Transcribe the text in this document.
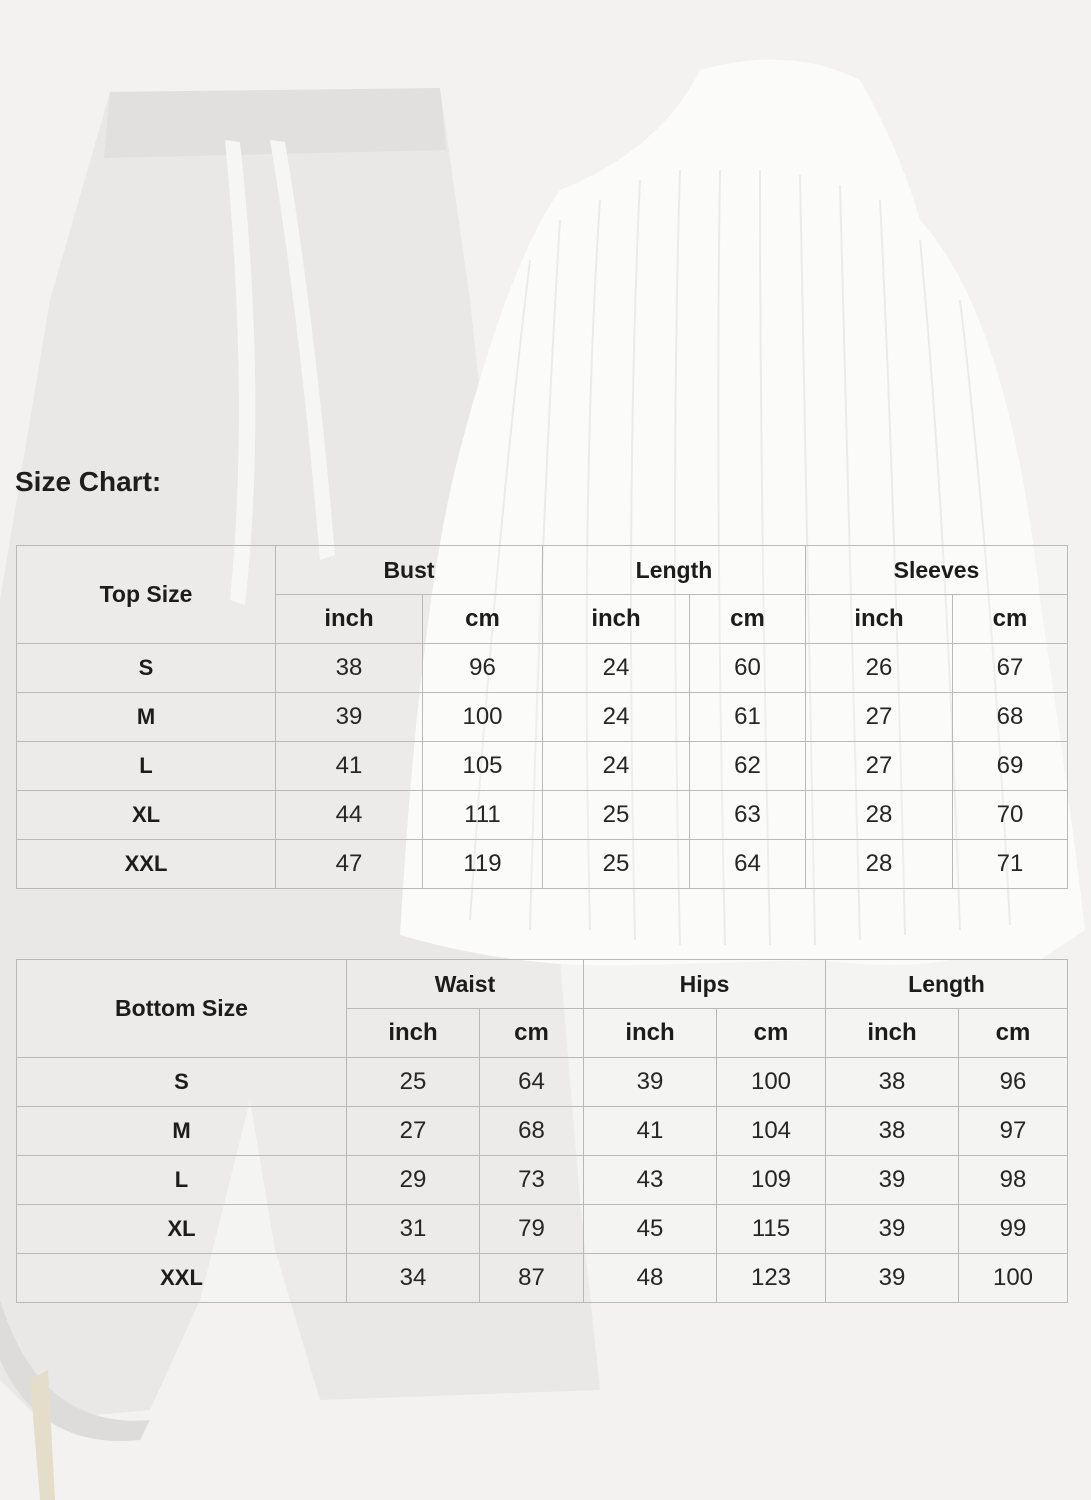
Size Chart:
Top Size	Bust		Length		Sleeves	
	inch	cm	inch	cm	inch	cm
S	38	96	24	60	26	67
M	39	100	24	61	27	68
L	41	105	24	62	27	69
XL	44	111	25	63	28	70
XXL	47	119	25	64	28	71
Bottom Size	Waist		Hips		Length	
	inch	cm	inch	cm	inch	cm
S	25	64	39	100	38	96
M	27	68	41	104	38	97
L	29	73	43	109	39	98
XL	31	79	45	115	39	99
XXL	34	87	48	123	39	100
